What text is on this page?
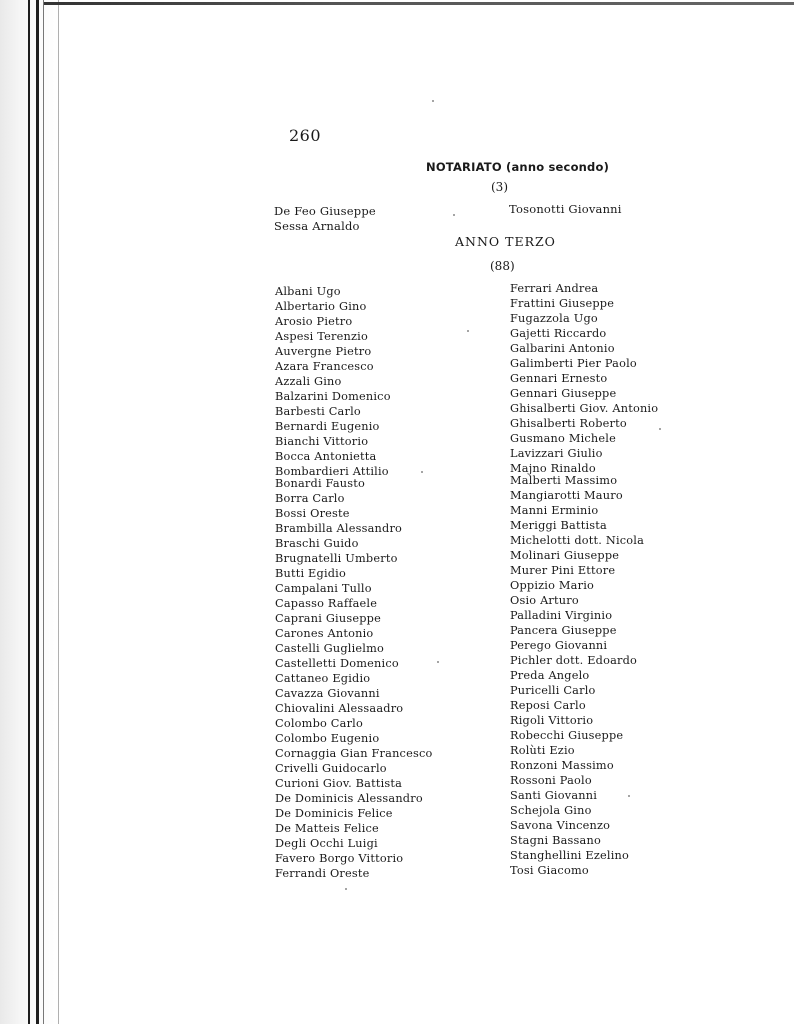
260
NOTARIATO (anno secondo)
(3)
De Feo Giuseppe
Sessa Arnaldo
Tosonotti Giovanni
ANNO TERZO
(88)
Albani Ugo
Albertario Gino
Arosio Pietro
Aspesi Terenzio
Auvergne Pietro
Azara Francesco
Azzali Gino
Balzarini Domenico
Barbesti Carlo
Bernardi Eugenio
Bianchi Vittorio
Bocca Antonietta
Bombardieri Attilio
Bonardi Fausto
Borra Carlo
Bossi Oreste
Brambilla Alessandro
Braschi Guido
Brugnatelli Umberto
Butti Egidio
Campalani Tullo
Capasso Raffaele
Caprani Giuseppe
Carones Antonio
Castelli Guglielmo
Castelletti Domenico
Cattaneo Egidio
Cavazza Giovanni
Chiovalini Alessaadro
Colombo Carlo
Colombo Eugenio
Cornaggia Gian Francesco
Crivelli Guidocarlo
Curioni Giov. Battista
De Dominicis Alessandro
De Dominicis Felice
De Matteis Felice
Degli Occhi Luigi
Favero Borgo Vittorio
Ferrandi Oreste
Ferrari Andrea
Frattini Giuseppe
Fugazzola Ugo
Gajetti Riccardo
Galbarini Antonio
Galimberti Pier Paolo
Gennari Ernesto
Gennari Giuseppe
Ghisalberti Giov. Antonio
Ghisalberti Roberto
Gusmano Michele
Lavizzari Giulio
Majno Rinaldo
Malberti Massimo
Mangiarotti Mauro
Manni Erminio
Meriggi Battista
Michelotti dott. Nicola
Molinari Giuseppe
Murer Pini Ettore
Oppizio Mario
Osio Arturo
Palladini Virginio
Pancera Giuseppe
Perego Giovanni
Pichler dott. Edoardo
Preda Angelo
Puricelli Carlo
Reposi Carlo
Rigoli Vittorio
Robecchi Giuseppe
Rolùti Ezio
Ronzoni Massimo
Rossoni Paolo
Santi Giovanni
Schejola Gino
Savona Vincenzo
Stagni Bassano
Stanghellini Ezelino
Tosi Giacomo
